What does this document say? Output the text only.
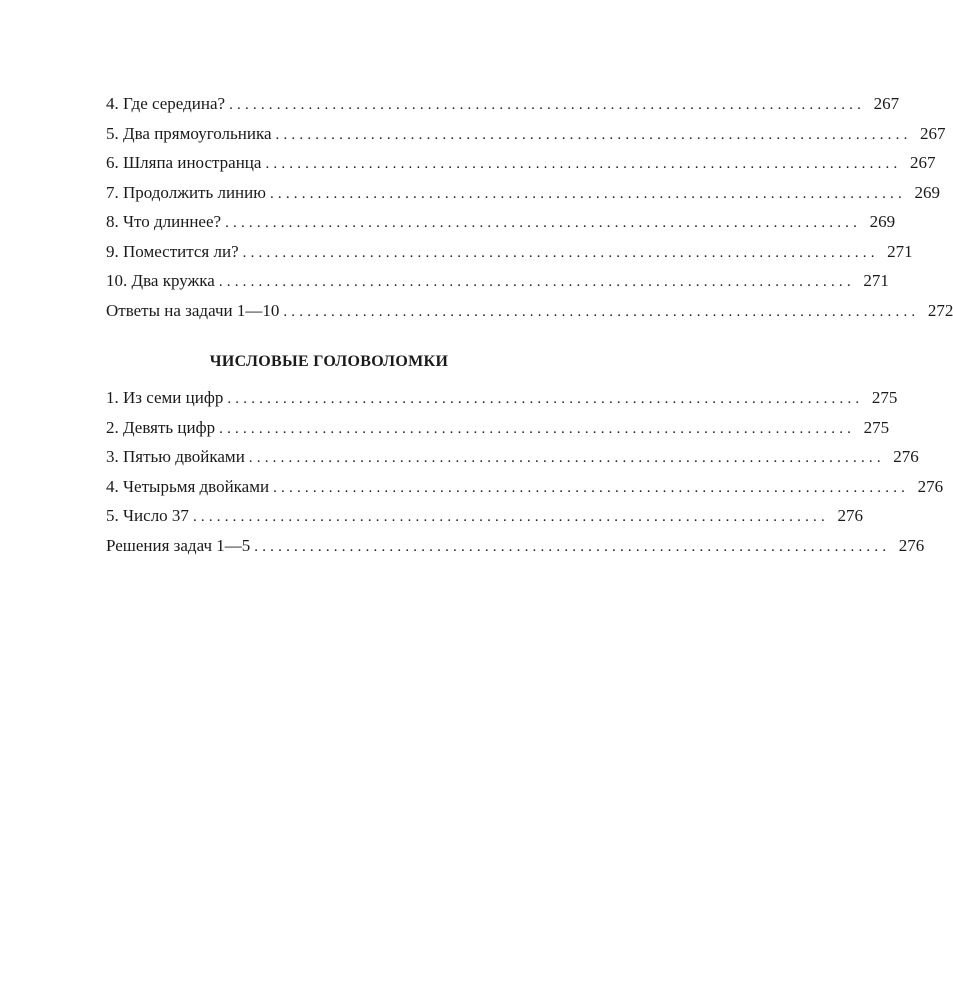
4. Где середина? ................................................................................ 267
5. Два прямоугольника ................................................................................ 267
6. Шляпа иностранца ................................................................................ 267
7. Продолжить линию ................................................................................ 269
8. Что длиннее? ................................................................................ 269
9. Поместится ли? ................................................................................ 271
10. Два кружка ................................................................................ 271
Ответы на задачи 1—10 ................................................................................ 272
ЧИСЛОВЫЕ ГОЛОВОЛОМКИ
1. Из семи цифр ................................................................................ 275
2. Девять цифр ................................................................................ 275
3. Пятью двойками ................................................................................ 276
4. Четырьмя двойками ................................................................................ 276
5. Число 37 ................................................................................ 276
Решения задач 1—5 ................................................................................ 276
